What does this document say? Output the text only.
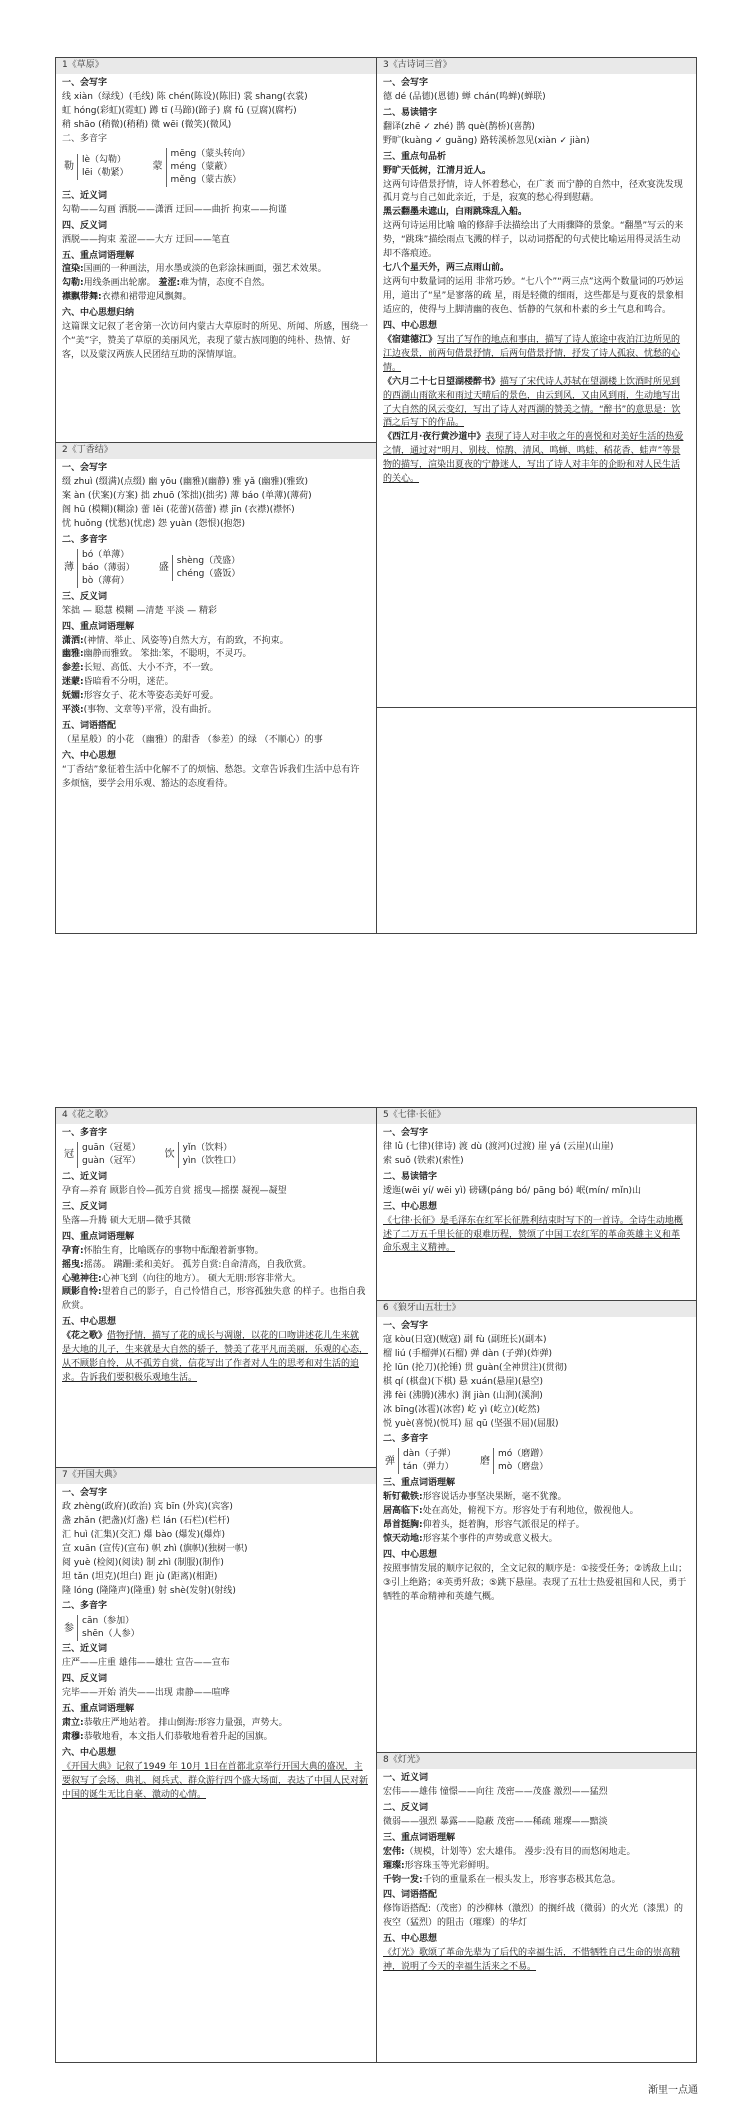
1《草原》
一、会写字
线 xiàn（绿线）(毛线) 陈 chén(陈设)(陈旧) 裳 shang(衣裳)
虹 hóng(彩虹)(霓虹) 蹲 tī (马蹄)(蹄子) 腐 fǔ (豆腐)(腐朽)
稍 shāo (稍微)(稍稍) 微 wēi (微笑)(微风)
二、多音字
勒
lè（勾勒）
lēi（勒紧）
蒙
mēng（蒙头转向）
méng（蒙蔽）
měng（蒙古族）
三、近义词
勾勒——勾画 洒脱——潇洒 迂回——曲折 拘束——拘谨
四、反义词
洒脱——拘束 羞涩——大方 迂回——笔直
五、重点词语理解
渲染:国画的一种画法，用水墨或淡的色彩涂抹画面，强艺术效果。
勾勒:用线条画出轮廓。 羞涩:难为情，态度不自然。
襟飘带舞:衣襟和裙带迎风飘舞。
六、中心思想归纳
这篇课文记叙了老舍第一次访问内蒙古大草原时的所见、所闻、所感，围绕一个“美”字，赞美了草原的美丽风光，表现了蒙古族同胞的纯朴、热情、好客，以及蒙汉两族人民团结互助的深情厚谊。
2《丁香结》
一、会写字
缀 zhuì (缀满)(点缀) 幽 yōu (幽雅)(幽静) 雅 yǎ (幽雅)(雅致)
案 àn (伏案)(方案) 拙 zhuō (笨拙)(拙劣) 薄 báo (单薄)(薄荷)
阁 hū (模糊)(糊涂) 蕾 lěi (花蕾)(蓓蕾) 襟 jīn (衣襟)(襟怀)
忧 huǒng (忧愁)(忧虑) 怨 yuàn (怨恨)(抱怨)
二、多音字
薄
bó（单薄）
báo（薄弱）
bò（薄荷）
盛
shèng（茂盛）
chéng（盛饭）
三、反义词
笨拙 — 聪慧 模糊 —清楚 平淡 — 精彩
四、重点词语理解
潇洒:(神情、举止、风姿等)自然大方，有韵致，不拘束。
幽雅:幽静而雅致。 笨拙:笨，不聪明，不灵巧。
参差:长短、高低、大小不齐，不一致。
迷蒙:昏暗看不分明，迷茫。
妩媚:形容女子、花木等姿态美好可爱。
平淡:(事物、文章等)平常，没有曲折。
五、词语搭配
（星星般）的小花 （幽雅）的甜香 （参差）的绿 （不顺心）的事
六、中心思想
“丁香结”象征着生活中化解不了的烦恼、愁怨。文章告诉我们生活中总有许多烦恼，要学会用乐观、豁达的态度看待。
3《古诗词三首》
一、会写字
德 dé (品德)(恩德) 蝉 chán(鸣蝉)(蝉联)
二、易读错字
翻译(zhē ✓ zhé) 鹊 què(鹊桥)(喜鹊)
野旷(kuàng ✓ guǎng) 路转溪桥忽见(xiàn ✓ jiàn)
三、重点句品析
野旷天低树，江清月近人。
这两句诗借景抒情，诗人怀着愁心，在广袤 而宁静的自然中，径欢宴洗发现孤月竟与自己如此亲近，于是，寂寞的愁心得到慰藉。
黑云翻墨未遮山，白雨跳珠乱入船。
这两句诗运用比喻 喻的修辞手法描绘出了大雨骤降的景象。“翻墨”写云的来势，“跳珠”描绘雨点飞溅的样子，以动词搭配的句式使比喻运用得灵活生动却不落痕迹。
七八个星天外，两三点雨山前。
这两句中数量词的运用 非常巧妙。“七八个”“两三点”这两个数量词的巧妙运用，道出了“星”是寥落的疏 星，雨是轻微的细雨，这些都是与夏夜的景象相适应的，使得与上脚清幽的夜色、恬静的气氛和朴素的乡土气息和鸣合。
四、中心思想
《宿建德江》写出了写作的地点和事由，描写了诗人旅途中夜泊江边所见的江边夜景，前两句借景抒情，后两句借景抒情，抒发了诗人孤寂、忧愁的心情。
《六月二十七日望湖楼醉书》描写了宋代诗人苏轼在望湖楼上饮酒时所见到的西湖山雨欲来和雨过天晴后的景色，由云到风，又由风到雨，生动地写出了大自然的风云变幻，写出了诗人对西湖的赞美之情。“醉书”的意思是：饮酒之后写下的作品。
《西江月·夜行黄沙道中》表现了诗人对丰收之年的喜悦和对美好生活的热爱之情，通过对“明月、别枝、惊鹊、清风、鸣蝉、鸣蛙、稻花香、蛙声”等景物的描写，渲染出夏夜的宁静迷人，写出了诗人对丰年的企盼和对人民生活的关心。
4《花之歌》
一、多音字
冠
guān（冠冕）
guàn（冠军）
饮
yǐn（饮料）
yìn（饮牲口）
二、近义词
孕育—养育 顾影自怜—孤芳自赏 摇曳—摇摆 凝视—凝望
三、反义词
坠落—升腾 硕大无朋—微乎其微
四、重点词语理解
孕育:怀胎生育，比喻既存的事物中酝酿着新事物。
摇曳:摇荡。 蹒跚:柔和美好。 孤芳自赏:自命清高，自我欣赏。
心驰神往:心神飞到（向往的地方）。 硕大无朋:形容非常大。
顾影自怜:望着自己的影子，自己怜惜自己，形容孤独失意 的样子。也指自我欣赏。
五、中心思想
《花之歌》借物抒情，描写了花的成长与凋谢，以花的口吻讲述花儿生来就是大地的儿子，生来就是大自然的骄子，赞美了花平凡而美丽，乐观的心态，从不顾影自怜，从不孤芳自赏，信花写出了作者对人生的思考和对生活的追求。告诉我们要积极乐观地生活。
7《开国大典》
一、会写字
政 zhèng(政府)(政治) 宾 bīn (外宾)(宾客)
盏 zhǎn (把盏)(灯盏) 栏 lán (石栏)(栏杆)
汇 huì (汇集)(交汇) 爆 bào (爆发)(爆炸)
宣 xuān (宣传)(宣布) 帜 zhì (旗帜)(独树一帜)
阅 yuè (检阅)(阅读) 制 zhì (制服)(制作)
坦 tǎn (坦克)(坦白) 距 jù (距离)(相距)
隆 lóng (隆隆声)(隆重) 射 shè(发射)(射线)
二、多音字
参
cān（参加）
shēn（人参）
三、近义词
庄严——庄重 雄伟——雄壮 宣告——宣布
四、反义词
完毕——开始 消失——出现 肃静——喧哗
五、重点词语理解
肃立:恭敬庄严地站着。 排山倒海:形容力量强，声势大。
肃穆:恭敬地看，本文指人们恭敬地看着升起的国旗。
六、中心思想
《开国大典》记叙了1949 年 10月 1日在首都北京举行开国大典的盛况，主要叙写了会场、典礼、阅兵式、群众游行四个盛大场面，表达了中国人民对新中国的诞生无比自豪、激动的心情。
5《七律·长征》
一、会写字
律 lǜ (七律)(律诗) 渡 dù (渡河)(过渡) 崖 yá (云崖)(山崖)
索 suǒ (铁索)(索性)
二、易读错字
逶迤(wēi yí/ wēi yì) 磅礴(páng bó/ pāng bó) 岷(mín/ mǐn)山
三、中心思想
《七律·长征》是毛泽东在红军长征胜利结束时写下的一首诗。全诗生动地概述了二万五千里长征的艰难历程，赞颂了中国工农红军的革命英雄主义和革命乐观主义精神。
6《狼牙山五壮士》
一、会写字
寇 kòu(日寇)(贼寇) 副 fù (副班长)(副本)
榴 liú (手榴弹)(石榴) 弹 dàn (子弹)(炸弹)
抡 lūn (抡刀)(抡锤) 贯 guàn(全神贯注)(贯彻)
棋 qí (棋盘)(下棋) 悬 xuán(悬崖)(悬空)
沸 fèi (沸腾)(沸水) 涧 jiàn (山涧)(溪涧)
冰 bīng(冰雹)(冰窖) 屹 yì (屹立)(屹然)
悦 yuè(喜悦)(悦耳) 屈 qū (坚强不屈)(屈服)
二、多音字
弹
dàn（子弹）
tán（弹力）
磨
mó（磨蹭）
mò（磨盘）
三、重点词语理解
斩钉截铁:形容说话办事坚决果断，毫不犹豫。
居高临下:处在高处，俯视下方。形容处于有利地位，傲视他人。
昂首挺胸:仰着头，挺着胸，形容气派很足的样子。
惊天动地:形容某个事件的声势或意义极大。
四、中心思想
按照事情发展的顺序记叙的，全文记叙的顺序是：①接受任务；②诱敌上山；③引上绝路；④英勇歼敌；⑤跳下悬崖。表现了五壮士热爱祖国和人民，勇于牺牲的革命精神和英雄气概。
8《灯光》
一、近义词
宏伟——雄伟 憧憬——向往 茂密——茂盛 激烈——猛烈
二、反义词
微弱——强烈 暴露——隐蔽 茂密——稀疏 璀璨——黯淡
三、重点词语理解
宏伟:（规模，计划等）宏大雄伟。 漫步:没有目的而悠闲地走。
璀璨:形容珠玉等光彩鲜明。
千钧一发:千钧的重量系在一根头发上，形容事态极其危急。
四、词语搭配
修饰语搭配:（茂密）的沙柳林（激烈）的搁纤战（微弱）的火光（漆黑）的夜空（猛烈）的阻击（璀璨）的华灯
五、中心思想
《灯光》歌颂了革命先辈为了后代的幸福生活，不惜牺牲自己生命的崇高精神，说明了今天的幸福生活来之不易。
渐里一点通
